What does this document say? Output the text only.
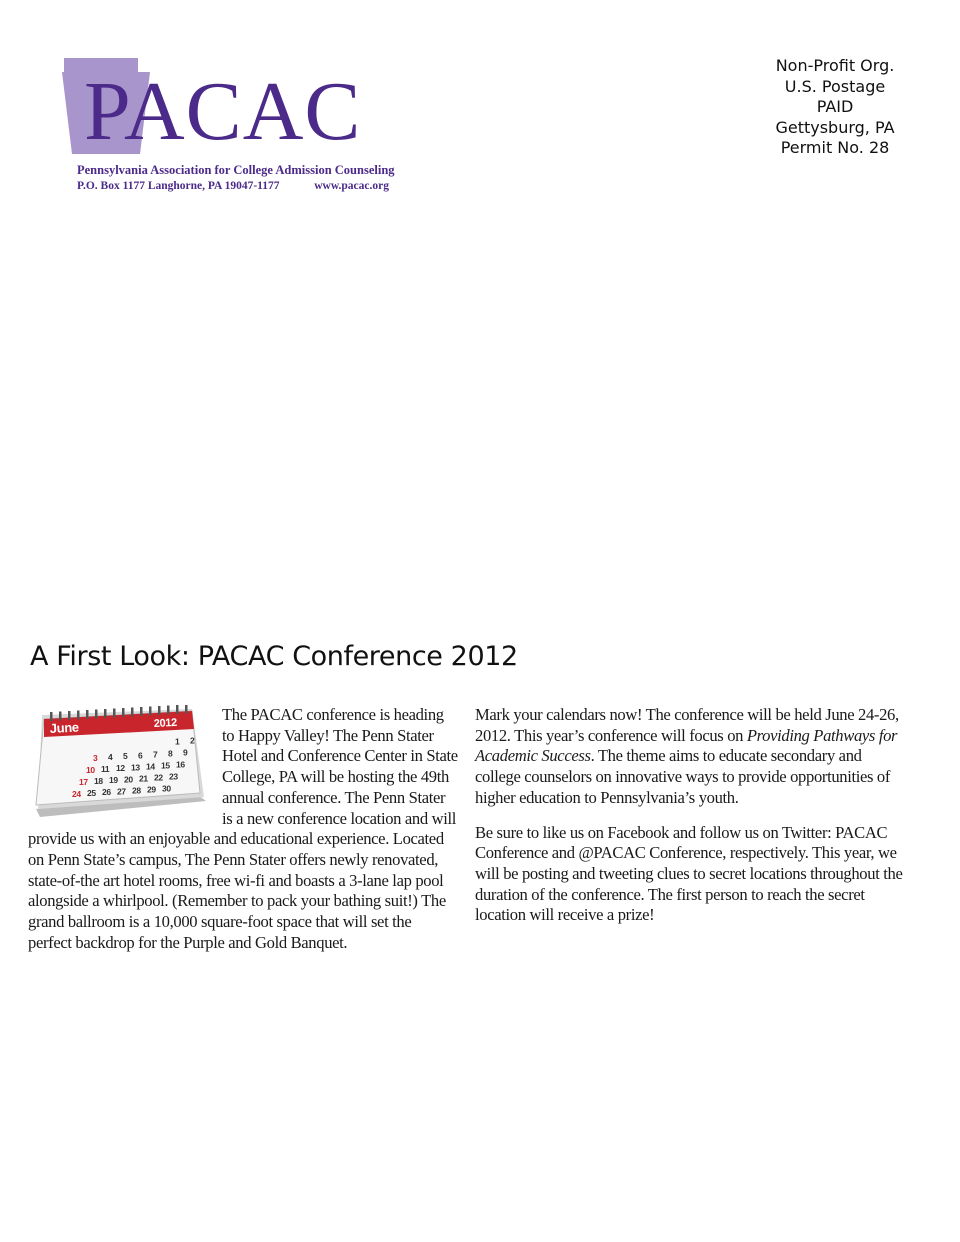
PACAC
Pennsylvania Association for College Admission Counseling
P.O. Box 1177 Langhorne, PA 19047-1177	www.pacac.org
Non-Profit Org.
U.S. Postage
PAID
Gettysburg, PA
Permit No. 28
A First Look: PACAC Conference 2012
June	2012
1 2
3 4 5 6 7 8 9
10 11 12 13 14 15 16
17 18 19 20 21 22 23
24 25 26 27 28 29 30

The PACAC conference is heading to Happy Valley! The Penn Stater Hotel and Conference Center in State College, PA will be hosting the 49th annual conference. The Penn Stater is a new conference location and will provide us with an enjoyable and educational experience. Located on Penn State’s campus, The Penn Stater offers newly renovated, state-of-the art hotel rooms, free wi-fi and boasts a 3-lane lap pool alongside a whirlpool. (Remember to pack your bathing suit!) The grand ballroom is a 10,000 square-foot space that will set the perfect backdrop for the Purple and Gold Banquet.

Mark your calendars now! The conference will be held June 24-26, 2012. This year’s conference will focus on Providing Pathways for Academic Success. The theme aims to educate secondary and college counselors on innovative ways to provide opportunities of higher education to Pennsylvania’s youth.

Be sure to like us on Facebook and follow us on Twitter: PACAC Conference and @PACAC Conference, respectively. This year, we will be posting and tweeting clues to secret locations throughout the duration of the conference. The first person to reach the secret location will receive a prize!
